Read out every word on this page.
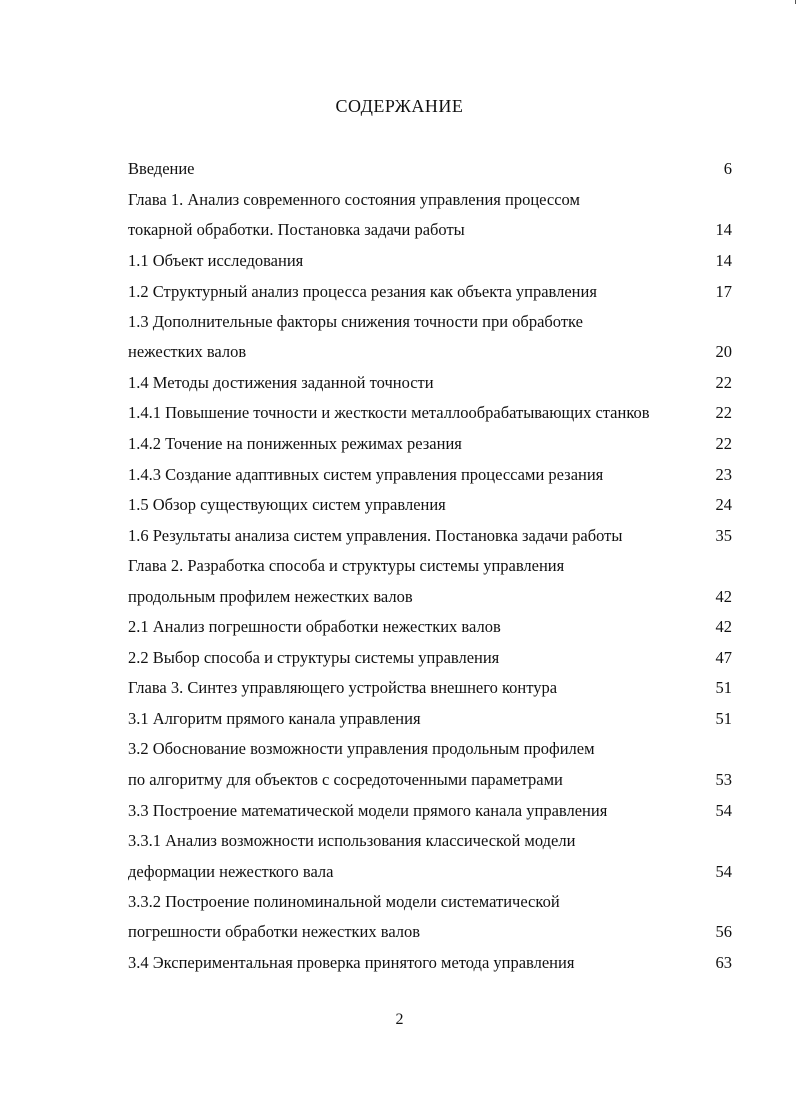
СОДЕРЖАНИЕ
Введение	6
Глава 1. Анализ современного состояния управления процессом
токарной обработки. Постановка задачи работы	14
1.1 Объект исследования	14
1.2 Структурный анализ процесса резания как объекта управления	17
1.3 Дополнительные факторы снижения точности при обработке
нежестких валов	20
1.4 Методы достижения заданной точности	22
1.4.1 Повышение точности и жесткости металлообрабатывающих станков	22
1.4.2 Точение на пониженных режимах резания	22
1.4.3 Создание адаптивных систем управления процессами резания	23
1.5 Обзор существующих систем управления	24
1.6 Результаты анализа систем управления. Постановка задачи работы	35
Глава 2. Разработка способа и структуры системы управления
продольным профилем нежестких валов	42
2.1 Анализ погрешности обработки нежестких валов	42
2.2 Выбор способа и структуры системы управления	47
Глава 3. Синтез управляющего устройства внешнего контура	51
3.1 Алгоритм прямого канала управления	51
3.2 Обоснование возможности управления продольным профилем
по алгоритму для объектов с сосредоточенными параметрами	53
3.3 Построение математической модели прямого канала управления	54
3.3.1 Анализ возможности использования классической модели
деформации нежесткого вала	54
3.3.2 Построение полиноминальной модели систематической
погрешности обработки нежестких валов	56
3.4 Экспериментальная проверка принятого метода управления	63
2
